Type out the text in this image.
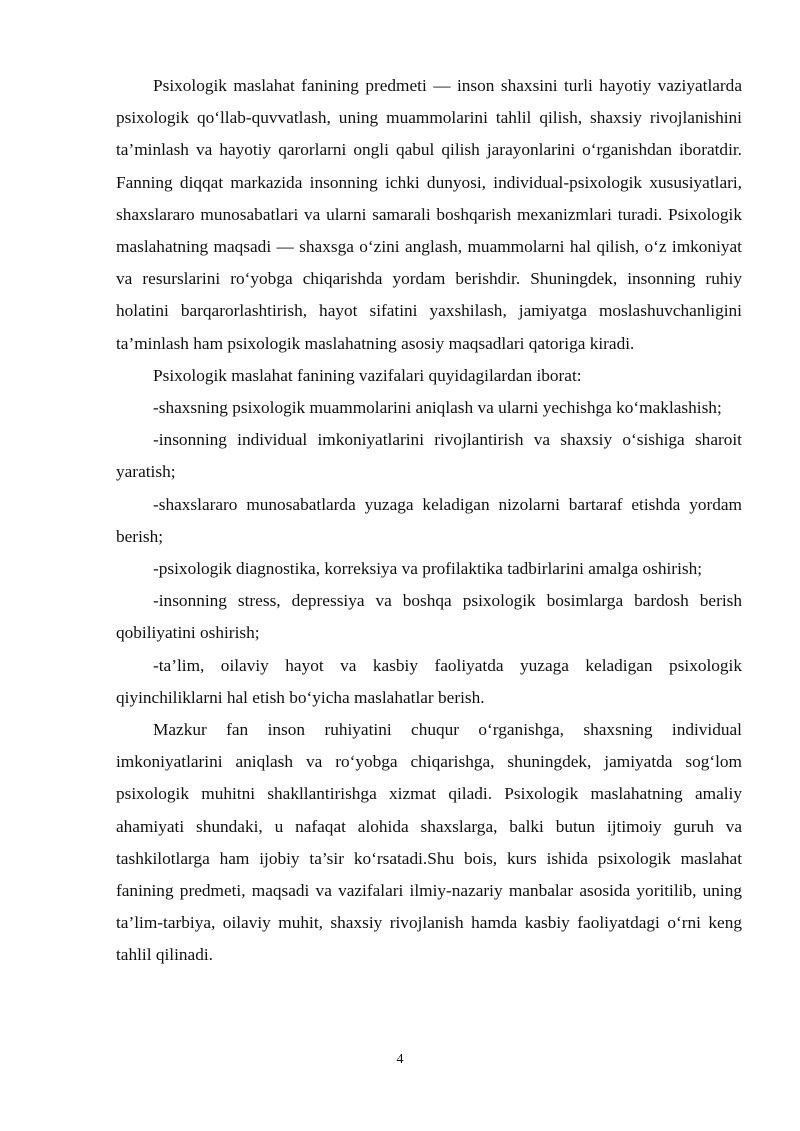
Psixologik maslahat fanining predmeti — inson shaxsini turli hayotiy vaziyatlarda psixologik qo‘llab-quvvatlash, uning muammolarini tahlil qilish, shaxsiy rivojlanishini ta’minlash va hayotiy qarorlarni ongli qabul qilish jarayonlarini o‘rganishdan iboratdir. Fanning diqqat markazida insonning ichki dunyosi, individual-psixologik xususiyatlari, shaxslararo munosabatlari va ularni samarali boshqarish mexanizmlari turadi. Psixologik maslahatning maqsadi — shaxsga o‘zini anglash, muammolarni hal qilish, o‘z imkoniyat va resurslarini ro‘yobga chiqarishda yordam berishdir. Shuningdek, insonning ruhiy holatini barqarorlashtirish, hayot sifatini yaxshilash, jamiyatga moslashuvchanligini ta’minlash ham psixologik maslahatning asosiy maqsadlari qatoriga kiradi.

Psixologik maslahat fanining vazifalari quyidagilardan iborat:

-shaxsning psixologik muammolarini aniqlash va ularni yechishga ko‘maklashish;

-insonning individual imkoniyatlarini rivojlantirish va shaxsiy o‘sishiga sharoit yaratish;

-shaxslararo munosabatlarda yuzaga keladigan nizolarni bartaraf etishda yordam berish;

-psixologik diagnostika, korreksiya va profilaktika tadbirlarini amalga oshirish;

-insonning stress, depressiya va boshqa psixologik bosimlarga bardosh berish qobiliyatini oshirish;

-ta’lim, oilaviy hayot va kasbiy faoliyatda yuzaga keladigan psixologik qiyinchiliklarni hal etish bo‘yicha maslahatlar berish.

Mazkur fan inson ruhiyatini chuqur o‘rganishga, shaxsning individual imkoniyatlarini aniqlash va ro‘yobga chiqarishga, shuningdek, jamiyatda sog‘lom psixologik muhitni shakllantirishga xizmat qiladi. Psixologik maslahatning amaliy ahamiyati shundaki, u nafaqat alohida shaxslarga, balki butun ijtimoiy guruh va tashkilotlarga ham ijobiy ta’sir ko‘rsatadi.Shu bois, kurs ishida psixologik maslahat fanining predmeti, maqsadi va vazifalari ilmiy-nazariy manbalar asosida yoritilib, uning ta’lim-tarbiya, oilaviy muhit, shaxsiy rivojlanish hamda kasbiy faoliyatdagi o‘rni keng tahlil qilinadi.

4
